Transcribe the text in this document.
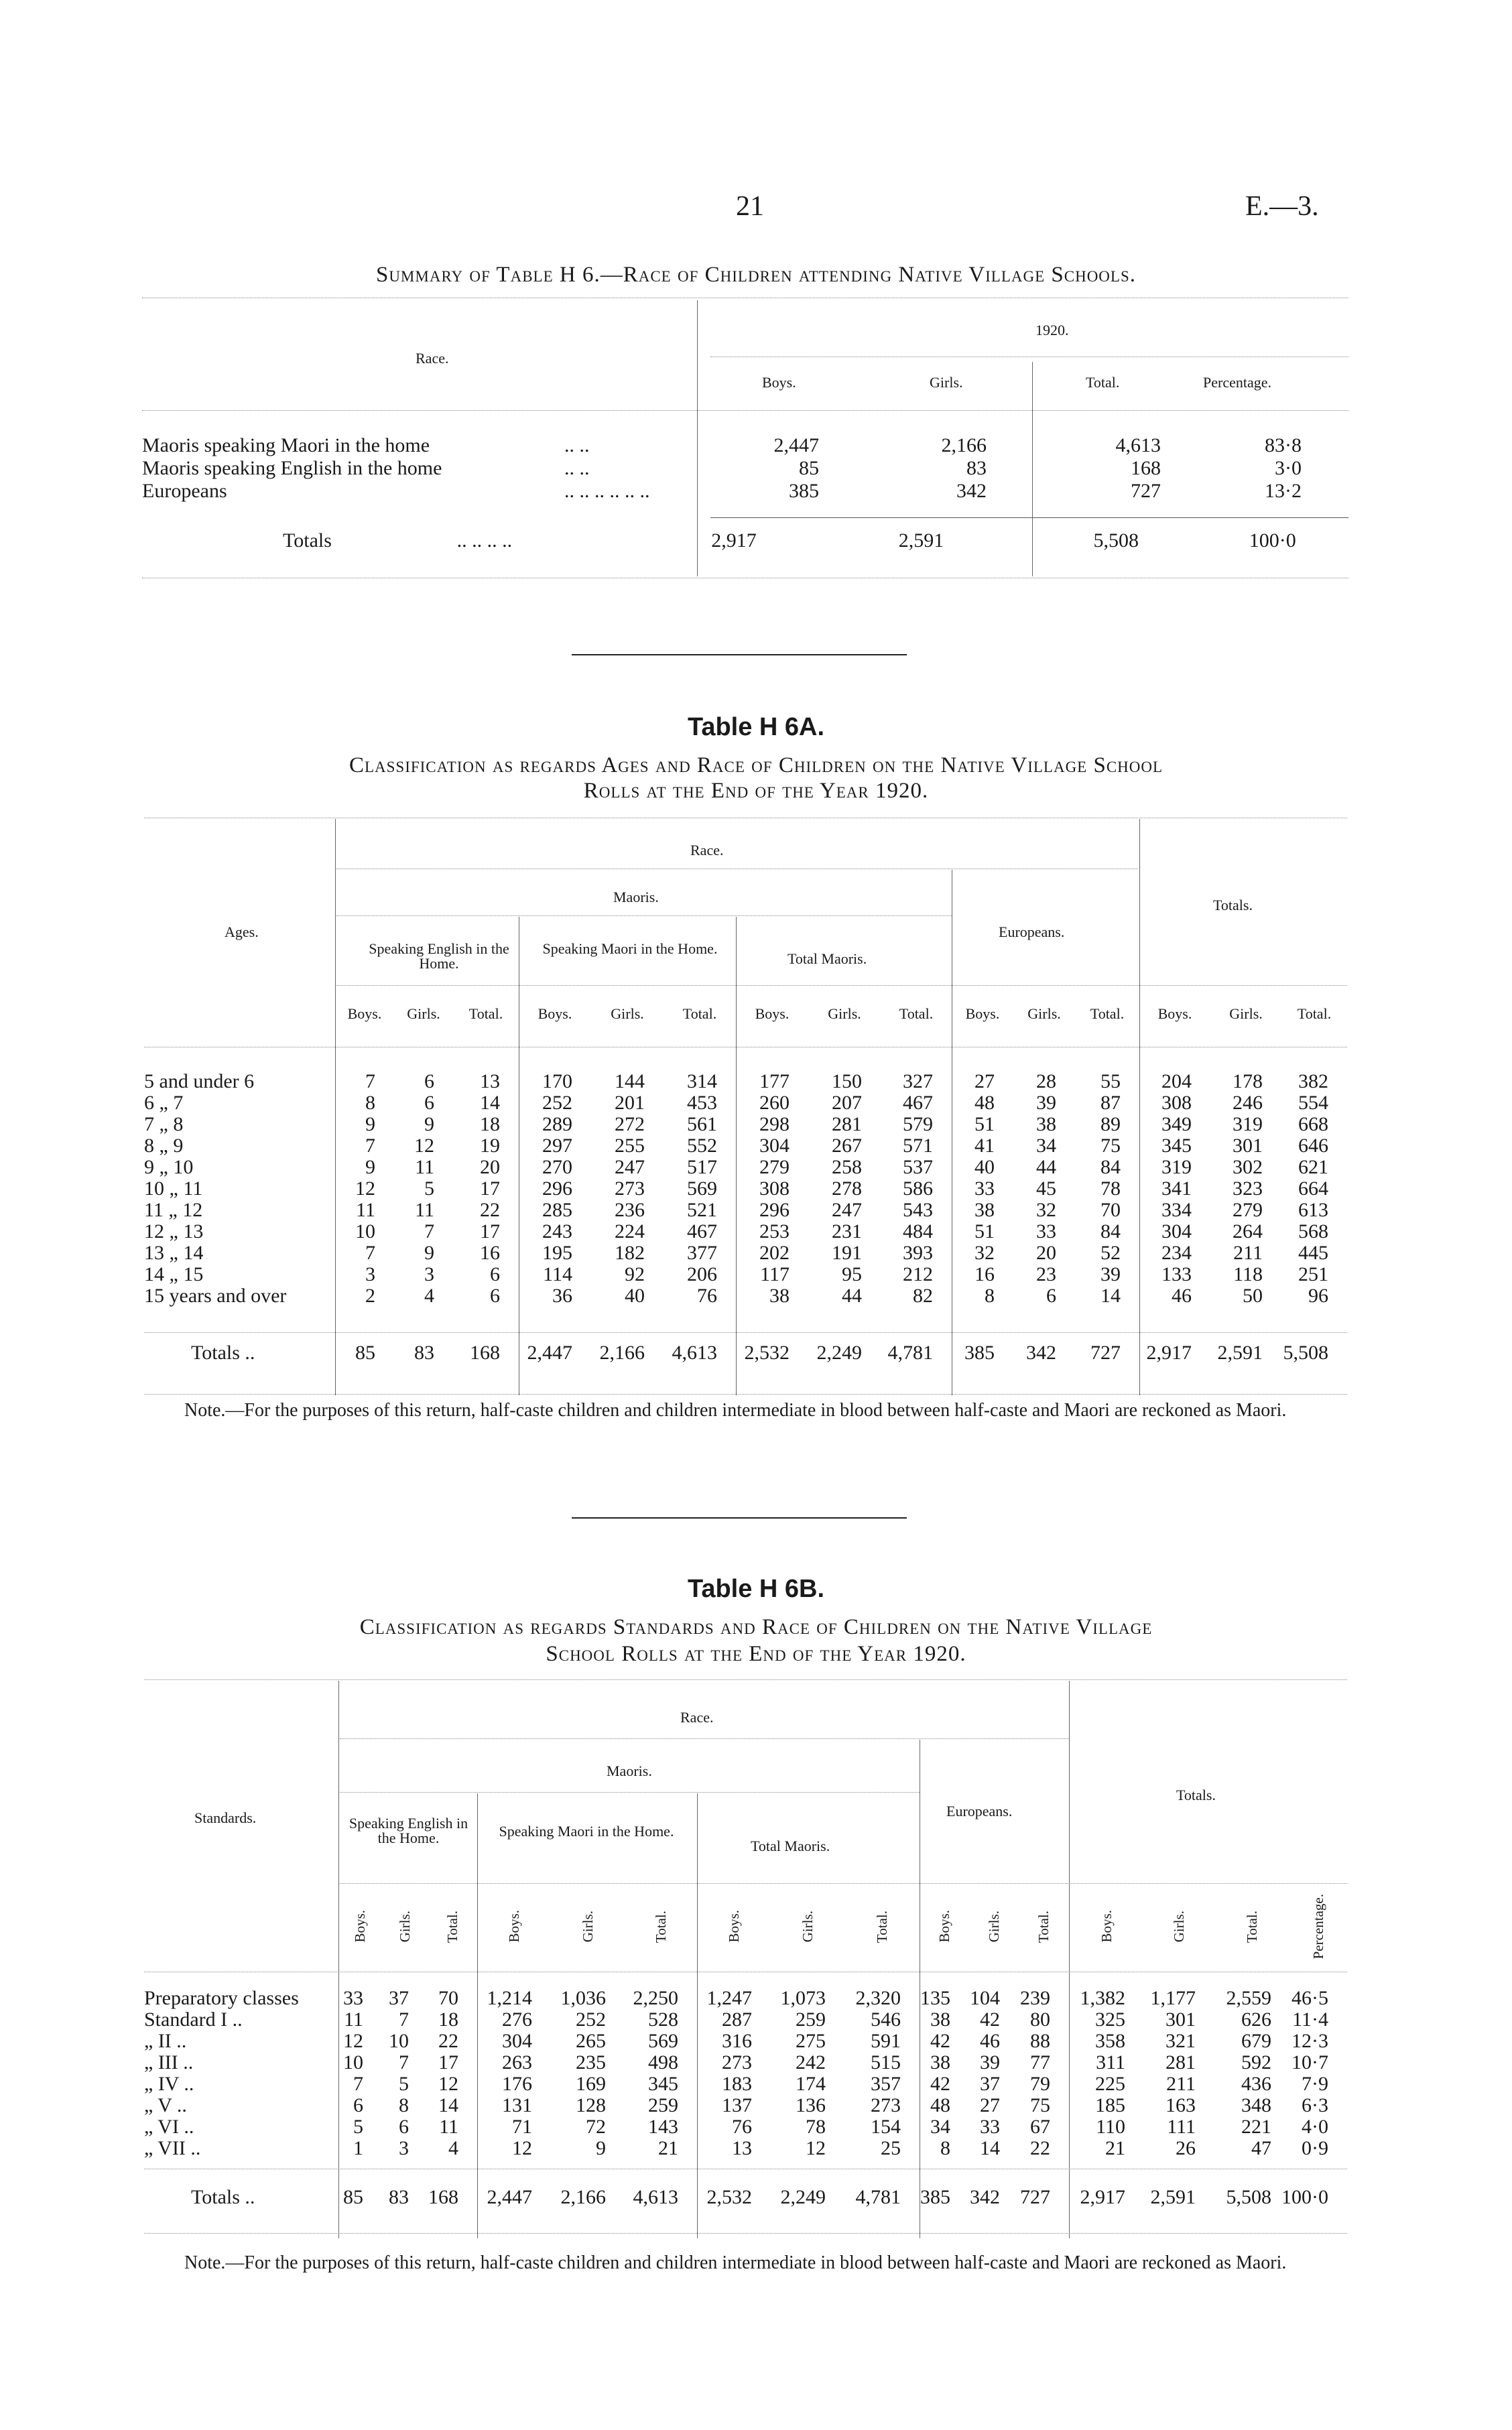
21	E.—3.
Summary of Table H 6.—Race of Children attending Native Village Schools.
Race.
1920.
Boys.	Girls.	Total.	Percentage.
Maoris speaking Maori in the home	.. ..	2,447	2,166	4,613	83·8	
Maoris speaking English in the home	.. ..	85	83	168	3·0	
Europeans	.. .. .. .. .. ..	385	342	727	13·2	
Totals	.. .. .. ..	2,917	2,591	5,508	100·0	
Table H 6A.
Classification as regards Ages and Race of Children on the Native Village School
Rolls at the End of the Year 1920.
Ages.
Race.
Totals.
Maoris.
Europeans.
Speaking English in the Home.
Speaking Maori in the Home.
Total Maoris.
Boys.	Girls.	Total.	Boys.	Girls.	Total.	Boys.	Girls.	Total.	Boys.	Girls.	Total.	Boys.	Girls.	Total.
5 and under 6	7	6	13	170	144	314	177	150	327	27	28	55	204	178	382
6 „ 7	8	6	14	252	201	453	260	207	467	48	39	87	308	246	554
7 „ 8	9	9	18	289	272	561	298	281	579	51	38	89	349	319	668
8 „ 9	7	12	19	297	255	552	304	267	571	41	34	75	345	301	646
9 „ 10	9	11	20	270	247	517	279	258	537	40	44	84	319	302	621
10 „ 11	12	5	17	296	273	569	308	278	586	33	45	78	341	323	664
11 „ 12	11	11	22	285	236	521	296	247	543	38	32	70	334	279	613
12 „ 13	10	7	17	243	224	467	253	231	484	51	33	84	304	264	568
13 „ 14	7	9	16	195	182	377	202	191	393	32	20	52	234	211	445
14 „ 15	3	3	6	114	92	206	117	95	212	16	23	39	133	118	251
15 years and over	2	4	6	36	40	76	38	44	82	8	6	14	46	50	96
Totals ..	85	83	168	2,447	2,166	4,613	2,532	2,249	4,781	385	342	727	2,917	2,591	5,508
Note.—For the purposes of this return, half-caste children and children intermediate in blood between half-caste and Maori are reckoned as Maori.
Table H 6B.
Classification as regards Standards and Race of Children on the Native Village
School Rolls at the End of the Year 1920.
Standards.
Race.
Totals.
Maoris.
Europeans.
Speaking English in the Home.	Speaking Maori in the Home.
Total Maoris.
Boys.	Girls.	Total.	Boys.	Girls.	Total.	Boys.	Girls.	Total.	Boys.	Girls.	Total.	Boys.	Girls.	Total.	Percentage.
Preparatory classes	33	37	70	1,214	1,036	2,250	1,247	1,073	2,320	135	104	239	1,382	1,177	2,559	46·5
Standard I ..	11	7	18	276	252	528	287	259	546	38	42	80	325	301	626	11·4
„ II ..	12	10	22	304	265	569	316	275	591	42	46	88	358	321	679	12·3
„ III ..	10	7	17	263	235	498	273	242	515	38	39	77	311	281	592	10·7
„ IV ..	7	5	12	176	169	345	183	174	357	42	37	79	225	211	436	7·9
„ V ..	6	8	14	131	128	259	137	136	273	48	27	75	185	163	348	6·3
„ VI ..	5	6	11	71	72	143	76	78	154	34	33	67	110	111	221	4·0
„ VII ..	1	3	4	12	9	21	13	12	25	8	14	22	21	26	47	0·9
Totals ..	85	83	168	2,447	2,166	4,613	2,532	2,249	4,781	385	342	727	2,917	2,591	5,508	100·0
Note.—For the purposes of this return, half-caste children and children intermediate in blood between half-caste and Maori are reckoned as Maori.
